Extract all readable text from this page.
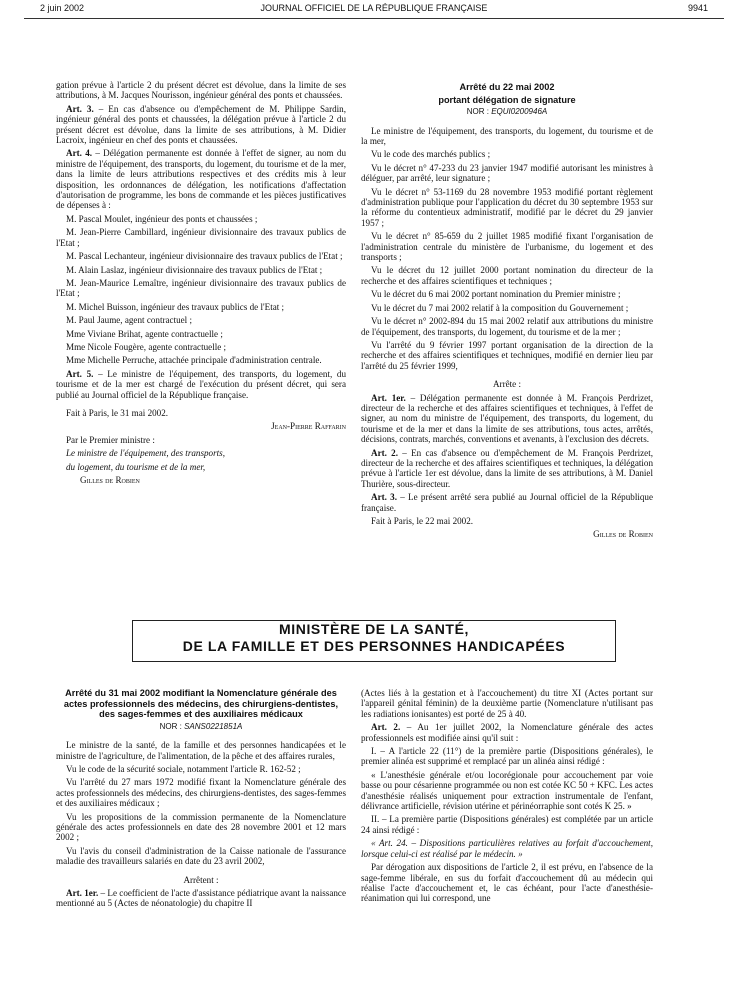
2 juin 2002	JOURNAL OFFICIEL DE LA RÉPUBLIQUE FRANÇAISE	9941

gation prévue à l'article 2 du présent décret est dévolue, dans la limite de ses attributions, à M. Jacques Nourisson, ingénieur général des ponts et chaussées.

Art. 3. – En cas d'absence ou d'empêchement de M. Philippe Sardin, ingénieur général des ponts et chaussées, la délégation prévue à l'article 2 du présent décret est dévolue, dans la limite de ses attributions, à M. Didier Lacroix, ingénieur en chef des ponts et chaussées.

Art. 4. – Délégation permanente est donnée à l'effet de signer, au nom du ministre de l'équipement, des transports, du logement, du tourisme et de la mer, dans la limite de leurs attributions respectives et des crédits mis à leur disposition, les ordonnances de délégation, les notifications d'affectation d'autorisation de programme, les bons de commande et les pièces justificatives de dépenses à :

M. Pascal Moulet, ingénieur des ponts et chaussées ;

M. Jean-Pierre Cambillard, ingénieur divisionnaire des travaux publics de l'Etat ;

M. Pascal Lechanteur, ingénieur divisionnaire des travaux publics de l'Etat ;

M. Alain Laslaz, ingénieur divisionnaire des travaux publics de l'Etat ;

M. Jean-Maurice Lemaître, ingénieur divisionnaire des travaux publics de l'Etat ;

M. Michel Buisson, ingénieur des travaux publics de l'Etat ;

M. Paul Jaume, agent contractuel ;

Mme Viviane Brihat, agente contractuelle ;

Mme Nicole Fougère, agente contractuelle ;

Mme Michelle Perruche, attachée principale d'administration centrale.

Art. 5. – Le ministre de l'équipement, des transports, du logement, du tourisme et de la mer est chargé de l'exécution du présent décret, qui sera publié au Journal officiel de la République française.

Fait à Paris, le 31 mai 2002.

Jean-Pierre Raffarin

Par le Premier ministre :

Le ministre de l'équipement, des transports,

du logement, du tourisme et de la mer,

Gilles de Robien

Arrêté du 22 mai 2002

portant délégation de signature

NOR : EQUI0200946A

Le ministre de l'équipement, des transports, du logement, du tourisme et de la mer,

Vu le code des marchés publics ;

Vu le décret n° 47-233 du 23 janvier 1947 modifié autorisant les ministres à déléguer, par arrêté, leur signature ;

Vu le décret n° 53-1169 du 28 novembre 1953 modifié portant règlement d'administration publique pour l'application du décret du 30 septembre 1953 sur la réforme du contentieux administratif, modifié par le décret du 29 janvier 1957 ;

Vu le décret n° 85-659 du 2 juillet 1985 modifié fixant l'organisation de l'administration centrale du ministère de l'urbanisme, du logement et des transports ;

Vu le décret du 12 juillet 2000 portant nomination du directeur de la recherche et des affaires scientifiques et techniques ;

Vu le décret du 6 mai 2002 portant nomination du Premier ministre ;

Vu le décret du 7 mai 2002 relatif à la composition du Gouvernement ;

Vu le décret n° 2002-894 du 15 mai 2002 relatif aux attributions du ministre de l'équipement, des transports, du logement, du tourisme et de la mer ;

Vu l'arrêté du 9 février 1997 portant organisation de la direction de la recherche et des affaires scientifiques et techniques, modifié en dernier lieu par l'arrêté du 25 février 1999,

Arrête :

Art. 1er. – Délégation permanente est donnée à M. François Perdrizet, directeur de la recherche et des affaires scientifiques et techniques, à l'effet de signer, au nom du ministre de l'équipement, des transports, du logement, du tourisme et de la mer et dans la limite de ses attributions, tous actes, arrêtés, décisions, contrats, marchés, conventions et avenants, à l'exclusion des décrets.

Art. 2. – En cas d'absence ou d'empêchement de M. François Perdrizet, directeur de la recherche et des affaires scientifiques et techniques, la délégation prévue à l'article 1er est dévolue, dans la limite de ses attributions, à M. Daniel Thurière, sous-directeur.

Art. 3. – Le présent arrêté sera publié au Journal officiel de la République française.

Fait à Paris, le 22 mai 2002.

Gilles de Robien

MINISTÈRE DE LA SANTÉ,
DE LA FAMILLE ET DES PERSONNES HANDICAPÉES

Arrêté du 31 mai 2002 modifiant la Nomenclature générale des actes professionnels des médecins, des chirurgiens-dentistes, des sages-femmes et des auxiliaires médicaux

NOR : SANS0221851A

Le ministre de la santé, de la famille et des personnes handicapées et le ministre de l'agriculture, de l'alimentation, de la pêche et des affaires rurales,

Vu le code de la sécurité sociale, notamment l'article R. 162-52 ;

Vu l'arrêté du 27 mars 1972 modifié fixant la Nomenclature générale des actes professionnels des médecins, des chirurgiens-dentistes, des sages-femmes et des auxiliaires médicaux ;

Vu les propositions de la commission permanente de la Nomenclature générale des actes professionnels en date des 28 novembre 2001 et 12 mars 2002 ;

Vu l'avis du conseil d'administration de la Caisse nationale de l'assurance maladie des travailleurs salariés en date du 23 avril 2002,

Arrêtent :

Art. 1er. – Le coefficient de l'acte d'assistance pédiatrique avant la naissance mentionné au 5 (Actes de néonatologie) du chapitre II

(Actes liés à la gestation et à l'accouchement) du titre XI (Actes portant sur l'appareil génital féminin) de la deuxième partie (Nomenclature n'utilisant pas les radiations ionisantes) est porté de 25 à 40.

Art. 2. – Au 1er juillet 2002, la Nomenclature générale des actes professionnels est modifiée ainsi qu'il suit :

I. – A l'article 22 (11°) de la première partie (Dispositions générales), le premier alinéa est supprimé et remplacé par un alinéa ainsi rédigé :

« L'anesthésie générale et/ou locorégionale pour accouchement par voie basse ou pour césarienne programmée ou non est cotée KC 50 + KFC. Les actes d'anesthésie réalisés uniquement pour extraction instrumentale de l'enfant, délivrance artificielle, révision utérine et périnéorraphie sont cotés K 25. »

II. – La première partie (Dispositions générales) est complétée par un article 24 ainsi rédigé :

« Art. 24. – Dispositions particulières relatives au forfait d'accouchement, lorsque celui-ci est réalisé par le médecin. »

Par dérogation aux dispositions de l'article 2, il est prévu, en l'absence de la sage-femme libérale, en sus du forfait d'accouchement dû au médecin qui réalise l'acte d'accouchement et, le cas échéant, pour l'acte d'anesthésie-réanimation qui lui correspond, une
